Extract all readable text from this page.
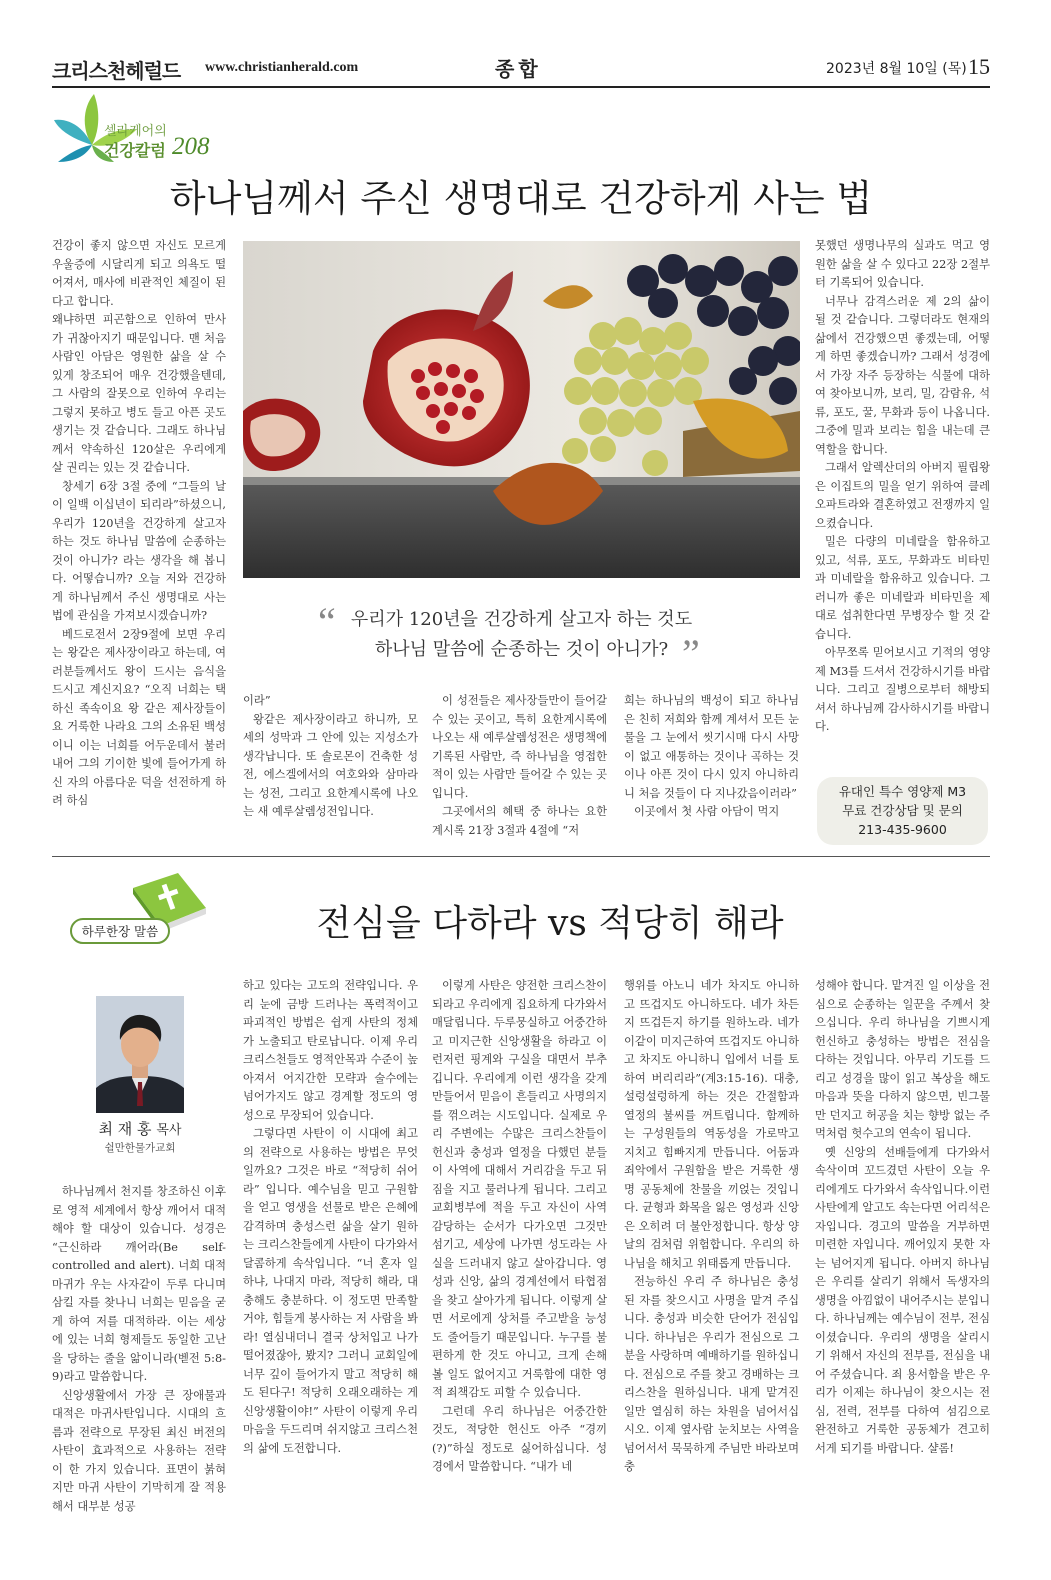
크리스천헤럴드 www.christianherald.com	종합	2023년 8월 10일 (목) 15
셀라케어의
건강칼럼 208
하나님께서 주신 생명대로 건강하게 사는 법

건강이 좋지 않으면 자신도 모르게 우울증에 시달리게 되고 의욕도 떨어져서, 매사에 비관적인 체질이 된다고 합니다.

왜냐하면 피곤함으로 인하여 만사가 귀찮아지기 때문입니다. 맨 처음 사람인 아담은 영원한 삶을 살 수 있게 창조되어 매우 건강했을텐데, 그 사람의 잘못으로 인하여 우리는 그렇지 못하고 병도 들고 아픈 곳도 생기는 것 같습니다. 그래도 하나님께서 약속하신 120살은 우리에게 살 권리는 있는 것 같습니다.

창세기 6장 3절 중에 “그들의 날이 일백 이십년이 되리라”하셨으니, 우리가 120년을 건강하게 살고자 하는 것도 하나님 말씀에 순종하는 것이 아니가? 라는 생각을 해 봅니다. 어떻습니까? 오늘 저와 건강하게 하나님께서 주신 생명대로 사는 법에 관심을 가져보시겠습니까?

베드로전서 2장9절에 보면 우리는 왕같은 제사장이라고 하는데, 여러분들께서도 왕이 드시는 음식을 드시고 계신지요? “오직 너희는 택하신 족속이요 왕 같은 제사장들이요 거룩한 나라요 그의 소유된 백성이니 이는 너희를 어두운데서 불러내어 그의 기이한 빛에 들어가게 하신 자의 아름다운 덕을 선전하게 하려 하심

“ 우리가 120년을 건강하게 살고자 하는 것도
하나님 말씀에 순종하는 것이 아니가? ”

이라”

왕같은 제사장이라고 하니까, 모세의 성막과 그 안에 있는 지성소가 생각납니다. 또 솔로몬이 건축한 성전, 에스겔에서의 여호와와 삼마라는 성전, 그리고 요한계시록에 나오는 새 예루살렘성전입니다.

이 성전들은 제사장들만이 들어갈 수 있는 곳이고, 특히 요한계시록에 나오는 새 예루살렘성전은 생명책에 기록된 사람만, 즉 하나님을 영접한 적이 있는 사람만 들어갈 수 있는 곳입니다.

그곳에서의 혜택 중 하나는 요한계시록 21장 3절과 4절에 “저

희는 하나님의 백성이 되고 하나님은 친히 저희와 함께 계셔서 모든 눈물을 그 눈에서 씻기시매 다시 사망이 없고 애통하는 것이나 곡하는 것이나 아픈 것이 다시 있지 아니하리니 처음 것들이 다 지나갔음이러라”

이곳에서 첫 사람 아담이 먹지

못했던 생명나무의 실과도 먹고 영원한 삶을 살 수 있다고 22장 2절부터 기록되어 있습니다.

너무나 감격스러운 제 2의 삶이 될 것 같습니다. 그렇더라도 현재의 삶에서 건강했으면 좋겠는데, 어떻게 하면 좋겠습니까? 그래서 성경에서 가장 자주 등장하는 식물에 대하여 찾아보니까, 보리, 밀, 감람유, 석류, 포도, 꿀, 무화과 등이 나옵니다. 그중에 밀과 보리는 힘을 내는데 큰 역할을 합니다.

그래서 알렉산더의 아버지 필립왕은 이집트의 밀을 얻기 위하여 클레오파트라와 결혼하였고 전쟁까지 일으켰습니다.

밀은 다량의 미네랄을 함유하고 있고, 석류, 포도, 무화과도 비타민과 미네랄을 함유하고 있습니다. 그러니까 좋은 미네랄과 비타민을 제대로 섭취한다면 무병장수 할 것 같습니다.

아무쪼록 믿어보시고 기적의 영양제 M3를 드셔서 건강하시기를 바랍니다. 그리고 질병으로부터 해방되셔서 하나님께 감사하시기를 바랍니다.

유대인 특수 영양제 M3
무료 건강상담 및 문의
213-435-9600
하루한장 말씀	전심을 다하라 vs 적당히 해라
최 재 홍 목사
쉴만한물가교회

하나님께서 천지를 창조하신 이후로 영적 세계에서 항상 깨어서 대적해야 할 대상이 있습니다. 성경은 “근신하라 깨어라(Be self-controlled and alert). 너희 대적 마귀가 우는 사자같이 두루 다니며 삼킬 자를 찾나니 너희는 믿음을 굳게 하여 저를 대적하라. 이는 세상에 있는 너희 형제들도 동일한 고난을 당하는 줄을 앎이니라(벧전 5:8-9)라고 말씀합니다.

신앙생활에서 가장 큰 장애물과 대적은 마귀사탄입니다. 시대의 흐름과 전략으로 무장된 최신 버전의 사탄이 효과적으로 사용하는 전략이 한 가지 있습니다. 표면이 붉혀지만 마귀 사탄이 기막히게 잘 적용해서 대부분 성공

하고 있다는 고도의 전략입니다. 우리 눈에 금방 드러나는 폭력적이고 파괴적인 방법은 쉽게 사탄의 정체가 노출되고 탄로납니다. 이제 우리 크리스천들도 영적안목과 수준이 높아져서 어지간한 모략과 술수에는 넘어가지도 않고 경계할 정도의 영성으로 무장되어 있습니다.

그렇다면 사탄이 이 시대에 최고의 전략으로 사용하는 방법은 무엇일까요? 그것은 바로 “적당히 쉬어라” 입니다. 예수님을 믿고 구원함을 얻고 영생을 선물로 받은 은혜에 감격하며 충성스런 삶을 살기 원하는 크리스찬들에게 사탄이 다가와서 달콤하게 속삭입니다. “너 혼자 일하냐, 나대지 마라, 적당히 해라, 대충해도 충분하다. 이 정도면 만족할거야, 힘들게 봉사하는 저 사람을 봐라! 열심내더니 결국 상처입고 나가떨어졌잖아, 봤지? 그러니 교회일에 너무 깊이 들어가지 말고 적당히 해도 된다구! 적당히 오래오래하는 게 신앙생활이야!” 사탄이 이렇게 우리 마음을 두드리며 쉬지않고 크리스천의 삶에 도전합니다.

이렇게 사탄은 양전한 크리스찬이 되라고 우리에게 집요하게 다가와서 매달립니다. 두루뭉실하고 어중간하고 미지근한 신앙생활을 하라고 이런저런 핑계와 구실을 대면서 부추깁니다. 우리에게 이런 생각을 갖게 만들어서 믿음이 흔들리고 사명의지를 꺾으려는 시도입니다. 실제로 우리 주변에는 수많은 크리스찬들이 헌신과 충성과 열정을 다했던 분들이 사역에 대해서 거리감을 두고 뒤짐을 지고 물러나게 됩니다. 그리고 교회병부에 적을 두고 자신이 사역 감당하는 순서가 다가오면 그것만 섬기고, 세상에 나가면 성도라는 사실을 드러내지 않고 살아갑니다. 영성과 신앙, 삶의 경계선에서 타협점을 찾고 살아가게 됩니다. 이렇게 살면 서로에게 상처를 주고받을 능성도 줄어들기 때문입니다. 누구를 불편하게 한 것도 아니고, 크게 손해 볼 일도 없어지고 거룩함에 대한 영적 죄책감도 피할 수 있습니다.

그런데 우리 하나님은 어중간한 것도, 적당한 헌신도 아주 “경끼(?)”하실 정도로 싫어하십니다. 성경에서 말씀합니다. “내가 네

행위를 아노니 네가 차지도 아니하고 뜨겁지도 아니하도다. 네가 차든지 뜨겁든지 하기를 원하노라. 네가 이같이 미지근하여 뜨겁지도 아니하고 차지도 아니하니 입에서 너를 토하여 버리리라”(계3:15-16). 대충, 설렁설렁하게 하는 것은 간절함과 열정의 불씨를 꺼트립니다. 함께하는 구성원들의 역동성을 가로막고 지치고 힘빠지게 만듭니다. 어둠과 죄악에서 구원함을 받은 거룩한 생명 공동체에 찬물을 끼얹는 것입니다. 균형과 화목을 잃은 영성과 신앙은 오히려 더 불안정합니다. 항상 양날의 검처럼 위험합니다. 우리의 하나님을 해치고 위태롭게 만듭니다.

전능하신 우리 주 하나님은 충성된 자를 찾으시고 사명을 맡겨 주십니다. 충성과 비슷한 단어가 전심입니다. 하나님은 우리가 전심으로 그분을 사랑하며 예배하기를 원하십니다. 전심으로 주를 찾고 경배하는 크리스찬을 원하십니다. 내게 맡겨진 일만 열심히 하는 차원을 넘어서십시오. 이제 옆사람 눈치보는 사역을 넘어서서 묵묵하게 주님만 바라보며 충

성해야 합니다. 맡겨진 일 이상을 전심으로 순종하는 일꾼을 주께서 찾으십니다. 우리 하나님을 기쁘시게 헌신하고 충성하는 방법은 전심을 다하는 것입니다. 아무리 기도를 드리고 성경을 많이 읽고 복상을 해도 마음과 뜻을 다하지 않으면, 빈그물만 던지고 허공을 치는 향방 없는 주먹처럼 헛수고의 연속이 됩니다.

옛 신앙의 선배들에게 다가와서 속삭이며 꼬드겼던 사탄이 오늘 우리에게도 다가와서 속삭입니다.이런 사탄에게 알고도 속는다면 어리석은 자입니다. 경고의 말씀을 거부하면 미련한 자입니다. 깨어있지 못한 자는 넘어지게 됩니다. 아버지 하나님은 우리를 살리기 위해서 독생자의 생명을 아낌없이 내어주시는 분입니다. 하나님께는 예수님이 전부, 전심이셨습니다. 우리의 생명을 살리시기 위해서 자신의 전부를, 전심을 내어 주셨습니다. 죄 용서함을 받은 우리가 이제는 하나님이 찾으시는 전심, 전력, 전부를 다하여 섬김으로 완전하고 거룩한 공동체가 견고히 서게 되기를 바랍니다. 샬롬!
